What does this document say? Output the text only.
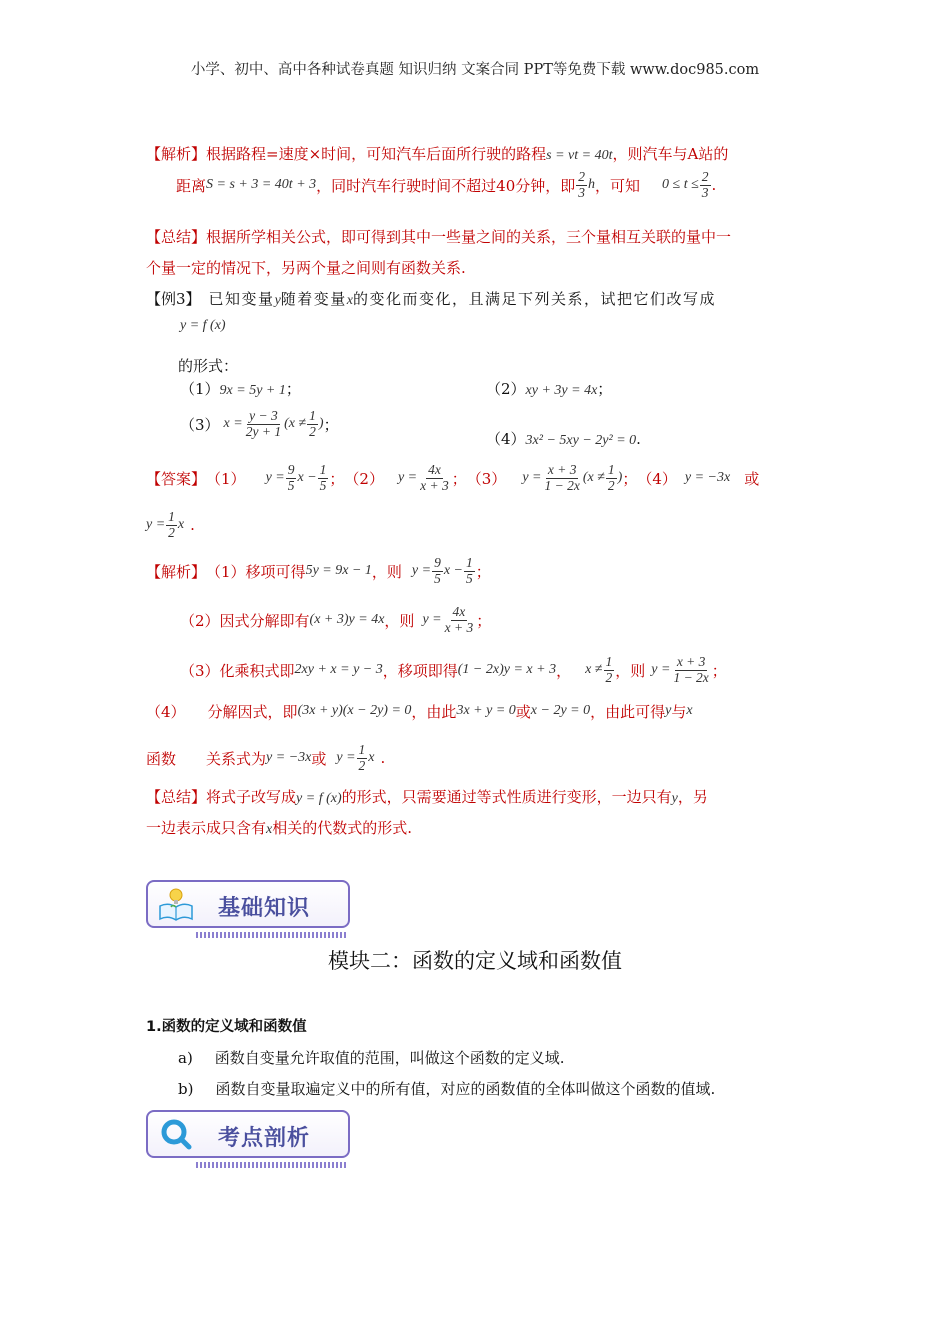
小学、初中、高中各种试卷真题 知识归纳 文案合同 PPT等免费下载 www.doc985.com
【解析】根据路程=速度×时间，可知汽车后面所行驶的路程s = vt = 40t，则汽车与A站的
距离 S = s + 3 = 40t + 3 ，同时汽车行驶时间不超过40分钟，即 $\frac{2}{3}$ h ，可知 $0 \le t \le \frac{2}{3}$ .
【总结】根据所学相关公式，即可得到其中一些量之间的关系，三个量相互关联的量中一
个量一定的情况下，另两个量之间则有函数关系.
【例3】 已知变量y随着变量x的变化而变化，且满足下列关系，试把它们改写成
y = f (x)
的形式：
（1）9x = 5y + 1；	（2）xy + 3y = 4x；
（3） $x = \frac{y - 3}{2y + 1} (x \ne \frac{1}{2}$ ) ；
（4）3x² − 5xy − 2y² = 0.
【答案】 （1） $y = \frac{9}{5}$ $x - \frac{1}{5}$ ； （2） $y = \frac{4x}{x + 3}$ ； （3） $y = \frac{x + 3}{1 - 2x} (x \ne \frac{1}{2}$ ) ； （4） y = −3x 或
$y = \frac{1}{2}$ x .
【解析】 （1）移项可得 5y = 9x − 1 ，则 $y = \frac{9}{5}$ $x - \frac{1}{5}$ ；
（2）因式分解即有 (x + 3)y = 4x ，则 $y = \frac{4x}{x + 3}$ ；
（3）化乘积式即 2xy + x = y − 3 ，移项即得 (1 − 2x)y = x + 3 ， $x \ne \frac{1}{2}$ ，则 $y = \frac{x + 3}{1 - 2x}$ ；
（4） 分解因式，即 (3x + y)(x − 2y) = 0 ，由此 3x + y = 0 或 x − 2y = 0 ，由此可得 y 与 x
函数 关系式为 y = −3x 或 $y = \frac{1}{2}$ x .
【总结】将式子改写成y = f (x)的形式，只需要通过等式性质进行变形，一边只有y，另
一边表示成只含有x相关的代数式的形式.
基础知识
模块二：函数的定义域和函数值
1.函数的定义域和函数值
a) 函数自变量允许取值的范围，叫做这个函数的定义域.
b) 函数自变量取遍定义中的所有值，对应的函数值的全体叫做这个函数的值域.
考点剖析
